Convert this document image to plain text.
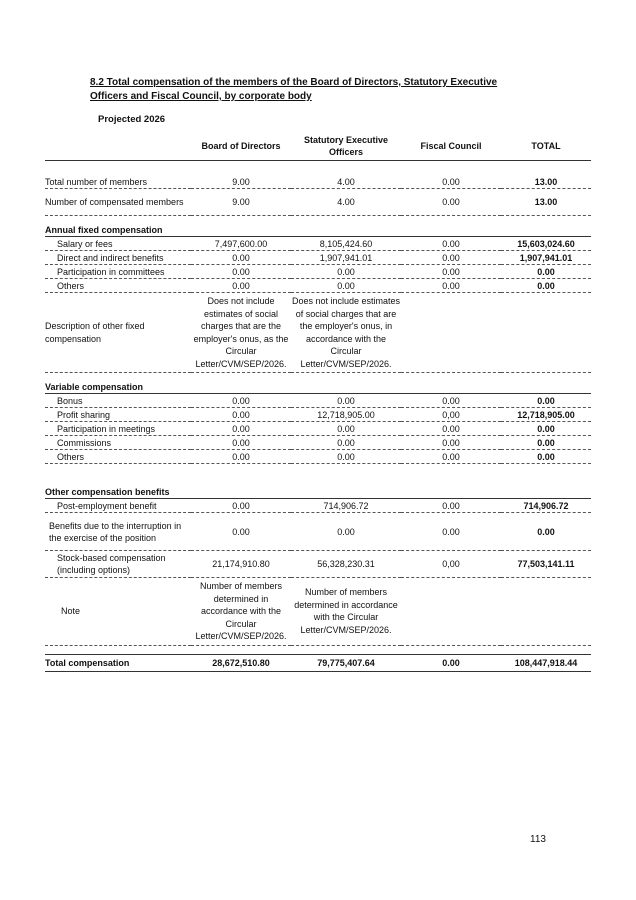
8.2 Total compensation of the members of the Board of Directors, Statutory Executive Officers and Fiscal Council, by corporate body
Projected 2026
	Board of Directors	Statutory Executive Officers	Fiscal Council	TOTAL

Total number of members	9.00	4.00	0.00	13.00
Number of compensated members	9.00	4.00	0.00	13.00
Annual fixed compensation				
Salary or fees	7,497,600.00	8,105,424.60	0.00	15,603,024.60
Direct and indirect benefits	0.00	1,907,941.01	0.00	1,907,941.01
Participation in committees	0.00	0.00	0.00	0.00
Others	0.00	0.00	0.00	0.00
Description of other fixed compensation	Does not include estimates of social charges that are the employer's onus, as the Circular Letter/CVM/SEP/2026.	Does not include estimates of social charges that are the employer's onus, in accordance with the Circular Letter/CVM/SEP/2026.		
Variable compensation				
Bonus	0.00	0.00	0.00	0.00
Profit sharing	0.00	12,718,905.00	0,00	12,718,905.00
Participation in meetings	0.00	0.00	0.00	0.00
Commissions	0.00	0.00	0.00	0.00
Others	0.00	0.00	0.00	0.00
Other compensation benefits				
Post-employment benefit	0.00	714,906.72	0.00	714,906.72
Benefits due to the interruption in the exercise of the position	0.00	0.00	0.00	0.00
Stock-based compensation (including options)	21,174,910.80	56,328,230.31	0,00	77,503,141.11
Note	Number of members determined in accordance with the Circular Letter/CVM/SEP/2026.	Number of members determined in accordance with the Circular Letter/CVM/SEP/2026.		

Total compensation	28,672,510.80	79,775,407.64	0.00	108,447,918.44
113
